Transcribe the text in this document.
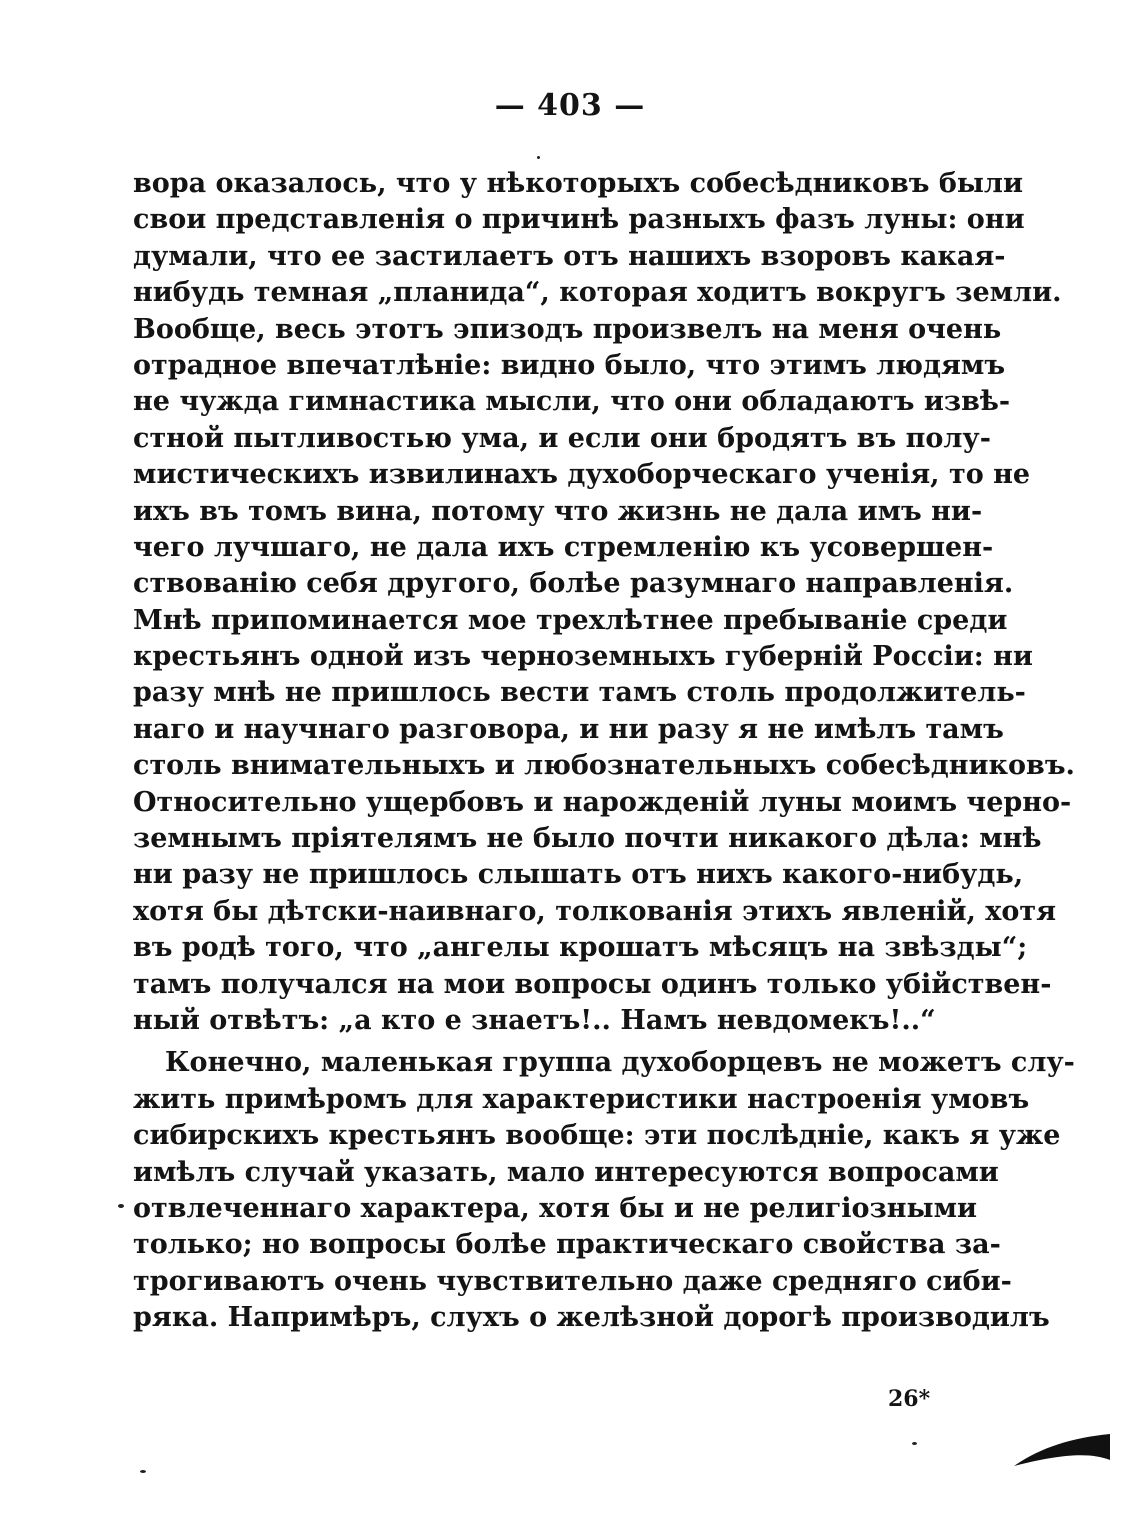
— 403 —
вора оказалось, что у нѣкоторыхъ собесѣдниковъ были
свои представленія о причинѣ разныхъ фазъ луны: они
думали, что ее застилаетъ отъ нашихъ взоровъ какая-
нибудь темная „планида“, которая ходитъ вокругъ земли.
Вообще, весь этотъ эпизодъ произвелъ на меня очень
отрадное впечатлѣніе: видно было, что этимъ людямъ
не чужда гимнастика мысли, что они обладаютъ извѣ-
стной пытливостью ума, и если они бродятъ въ полу-
мистическихъ извилинахъ духоборческаго ученія, то не
ихъ въ томъ вина, потому что жизнь не дала имъ ни-
чего лучшаго, не дала ихъ стремленію къ усовершен-
ствованію себя другого, болѣе разумнаго направленія.
Мнѣ припоминается мое трехлѣтнее пребываніе среди
крестьянъ одной изъ черноземныхъ губерній Россіи: ни
разу мнѣ не пришлось вести тамъ столь продолжитель-
наго и научнаго разговора, и ни разу я не имѣлъ тамъ
столь внимательныхъ и любознательныхъ собесѣдниковъ.
Относительно ущербовъ и нарожденій луны моимъ черно-
земнымъ пріятелямъ не было почти никакого дѣла: мнѣ
ни разу не пришлось слышать отъ нихъ какого-нибудь,
хотя бы дѣтски-наивнаго, толкованія этихъ явленій, хотя
въ родѣ того, что „ангелы крошатъ мѣсяцъ на звѣзды“;
тамъ получался на мои вопросы одинъ только убійствен-
ный отвѣтъ: „а кто е знаетъ!.. Намъ невдомекъ!..“
Конечно, маленькая группа духоборцевъ не можетъ слу-
жить примѣромъ для характеристики настроенія умовъ
сибирскихъ крестьянъ вообще: эти послѣдніе, какъ я уже
имѣлъ случай указать, мало интересуются вопросами
отвлеченнаго характера, хотя бы и не религіозными
только; но вопросы болѣе практическаго свойства за-
трогиваютъ очень чувствительно даже средняго сиби-
ряка. Напримѣръ, слухъ о желѣзной дорогѣ производилъ
26*
